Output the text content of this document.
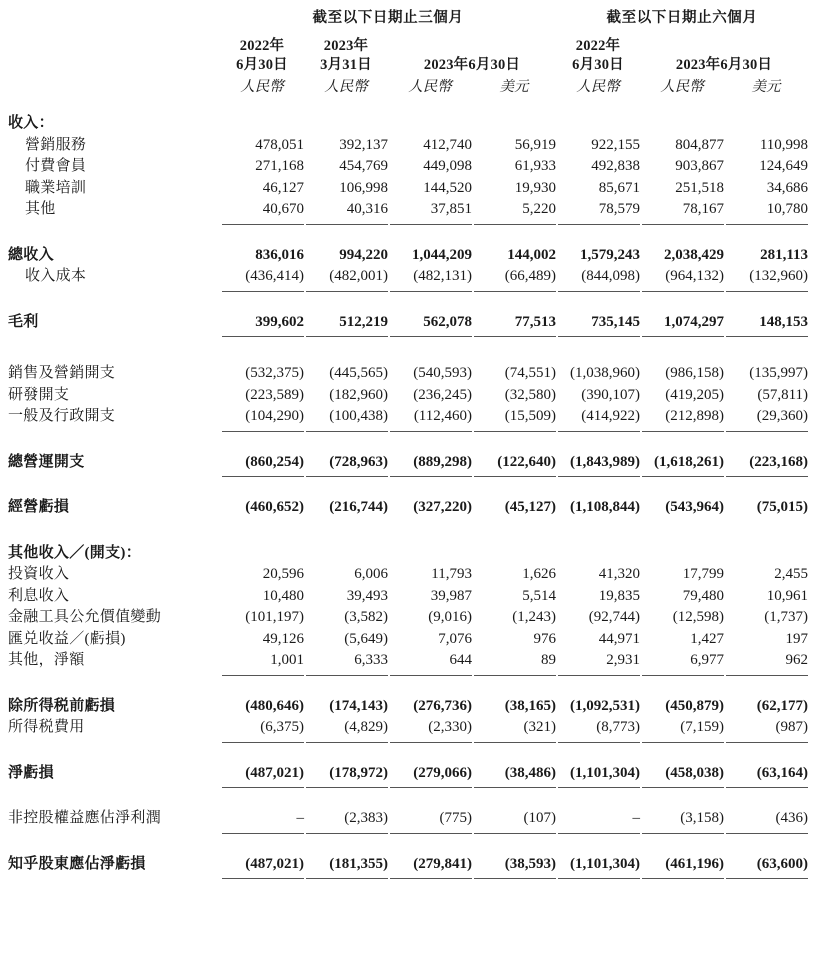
	截至以下日期止三個月				截至以下日期止六個月		
	2022年	2023年			2022年		
	6月30日	3月31日	2023年6月30日		6月30日	2023年6月30日	
	人民幣	人民幣	人民幣	美元	人民幣	人民幣	美元

收入：							
營銷服務	478,051	392,137	412,740	56,919	922,155	804,877	110,998
付費會員	271,168	454,769	449,098	61,933	492,838	903,867	124,649
職業培訓	46,127	106,998	144,520	19,930	85,671	251,518	34,686
其他	40,670	40,316	37,851	5,220	78,579	78,167	10,780

總收入	836,016	994,220	1,044,209	144,002	1,579,243	2,038,429	281,113
收入成本	(436,414)	(482,001)	(482,131)	(66,489)	(844,098)	(964,132)	(132,960)

毛利	399,602	512,219	562,078	77,513	735,145	1,074,297	148,153

銷售及營銷開支	(532,375)	(445,565)	(540,593)	(74,551)	(1,038,960)	(986,158)	(135,997)
研發開支	(223,589)	(182,960)	(236,245)	(32,580)	(390,107)	(419,205)	(57,811)
一般及行政開支	(104,290)	(100,438)	(112,460)	(15,509)	(414,922)	(212,898)	(29,360)

總營運開支	(860,254)	(728,963)	(889,298)	(122,640)	(1,843,989)	(1,618,261)	(223,168)

經營虧損	(460,652)	(216,744)	(327,220)	(45,127)	(1,108,844)	(543,964)	(75,015)

其他收入／(開支)：							
投資收入	20,596	6,006	11,793	1,626	41,320	17,799	2,455
利息收入	10,480	39,493	39,987	5,514	19,835	79,480	10,961
金融工具公允價值變動	(101,197)	(3,582)	(9,016)	(1,243)	(92,744)	(12,598)	(1,737)
匯兑收益／(虧損)	49,126	(5,649)	7,076	976	44,971	1,427	197
其他，淨額	1,001	6,333	644	89	2,931	6,977	962

除所得税前虧損	(480,646)	(174,143)	(276,736)	(38,165)	(1,092,531)	(450,879)	(62,177)
所得税費用	(6,375)	(4,829)	(2,330)	(321)	(8,773)	(7,159)	(987)

淨虧損	(487,021)	(178,972)	(279,066)	(38,486)	(1,101,304)	(458,038)	(63,164)

非控股權益應佔淨利潤	–	(2,383)	(775)	(107)	–	(3,158)	(436)

知乎股東應佔淨虧損	(487,021)	(181,355)	(279,841)	(38,593)	(1,101,304)	(461,196)	(63,600)
